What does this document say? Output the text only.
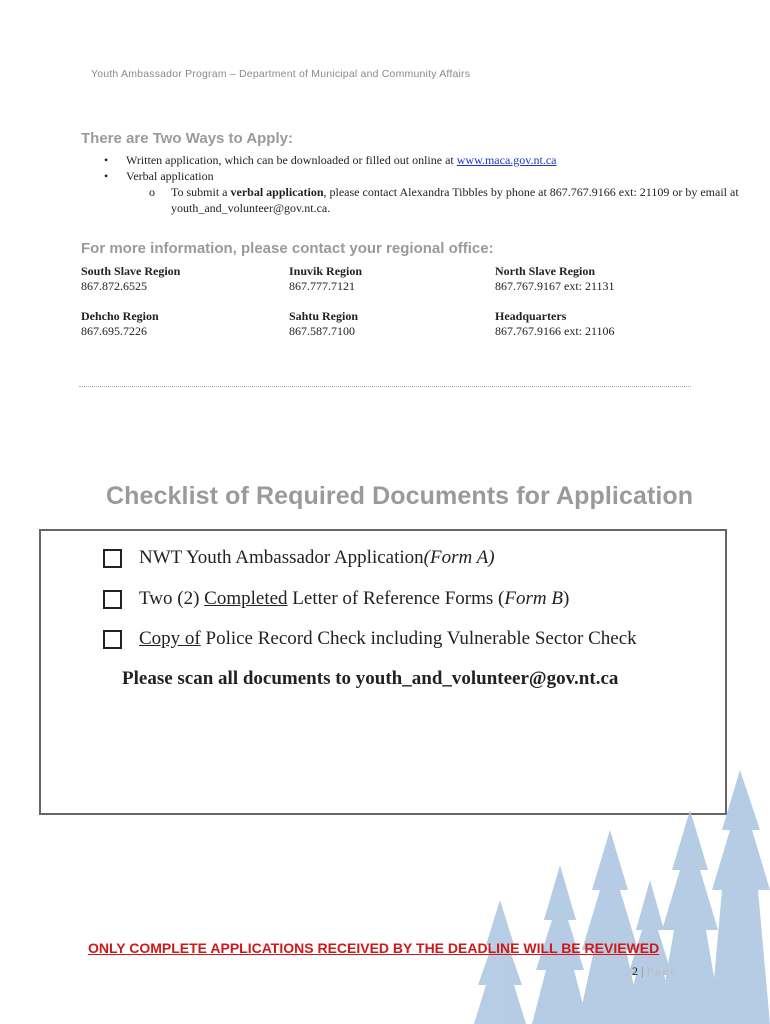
Youth Ambassador Program – Department of Municipal and Community Affairs
There are Two Ways to Apply:
• Written application, which can be downloaded or filled out online at www.maca.gov.nt.ca
• Verbal application
o To submit a verbal application, please contact Alexandra Tibbles by phone at 867.767.9166 ext: 21109 or by email at youth_and_volunteer@gov.nt.ca.
For more information, please contact your regional office:
South Slave Region
867.872.6525
Inuvik Region
867.777.7121
North Slave Region
867.767.9167 ext: 21131
Dehcho Region
867.695.7226
Sahtu Region
867.587.7100
Headquarters
867.767.9166 ext: 21106
Checklist of Required Documents for Application
NWT Youth Ambassador Application (Form A)
Two (2) Completed Letter of Reference Forms ( Form B )
Copy of Police Record Check including Vulnerable Sector Check
Please scan all documents to youth_and_volunteer@gov.nt.ca
ONLY COMPLETE APPLICATIONS RECEIVED BY THE DEADLINE WILL BE REVIEWED
2 | Page
